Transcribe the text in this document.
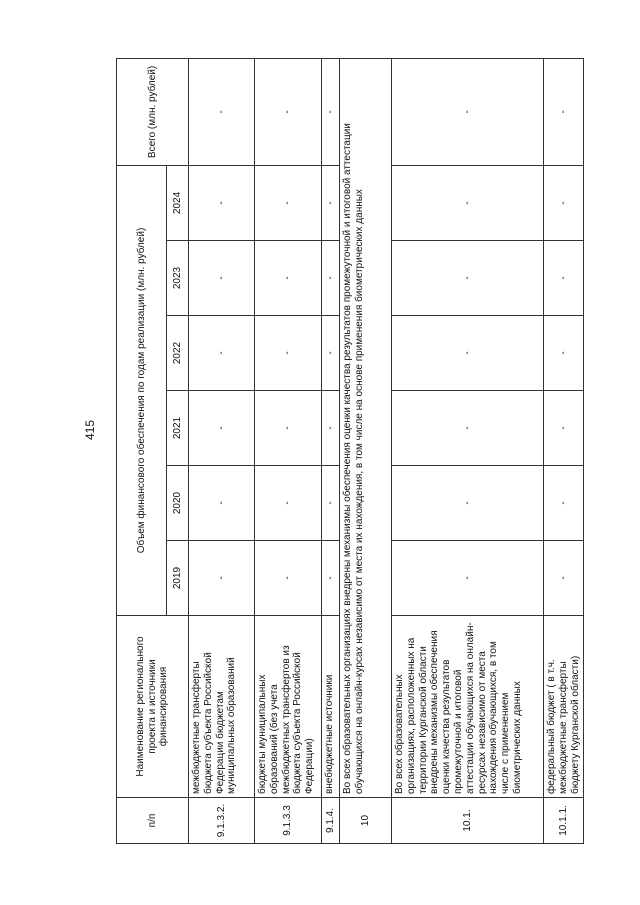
415
п/п	Наименование регионального проекта и источники финансирования	Объем финансового обеспечения по годам реализации (млн. рублей)						Всего (млн. рублей)
		2019	2020	2021	2022	2023	2024	
9.1.3.2.	межбюджетные трансферты бюджета субъекта Российской Федерации бюджетам муниципальных образований	-	-	-	-	-	-	-
9.1.3.3	бюджеты муниципальных образований (без учета межбюджетных трансфертов из бюджета субъекта Российской Федерации)	-	-	-	-	-	-	-
9.1.4.	внебюджетные источники	-	-	-	-	-	-	-
10	Во всех образовательных организациях внедрены механизмы обеспечения оценки качества результатов промежуточной и итоговой аттестации обучающихся на онлайн-курсах независимо от места их нахождения, в том числе на основе применения биометрических данных							
10.1.	Во всех образовательных организациях, расположенных на территории Курганской области внедрены механизмы обеспечения оценки качества результатов промежуточной и итоговой аттестации обучающихся на онлайн-ресурсах независимо от места нахождения обучающихся, в том числе с применением биометрических данных	-	-	-	-	-	-	-
10.1.1.	федеральный бюджет ( в т.ч. межбюджетные трансферты бюджету Курганской области)	-	-	-	-	-	-	-
